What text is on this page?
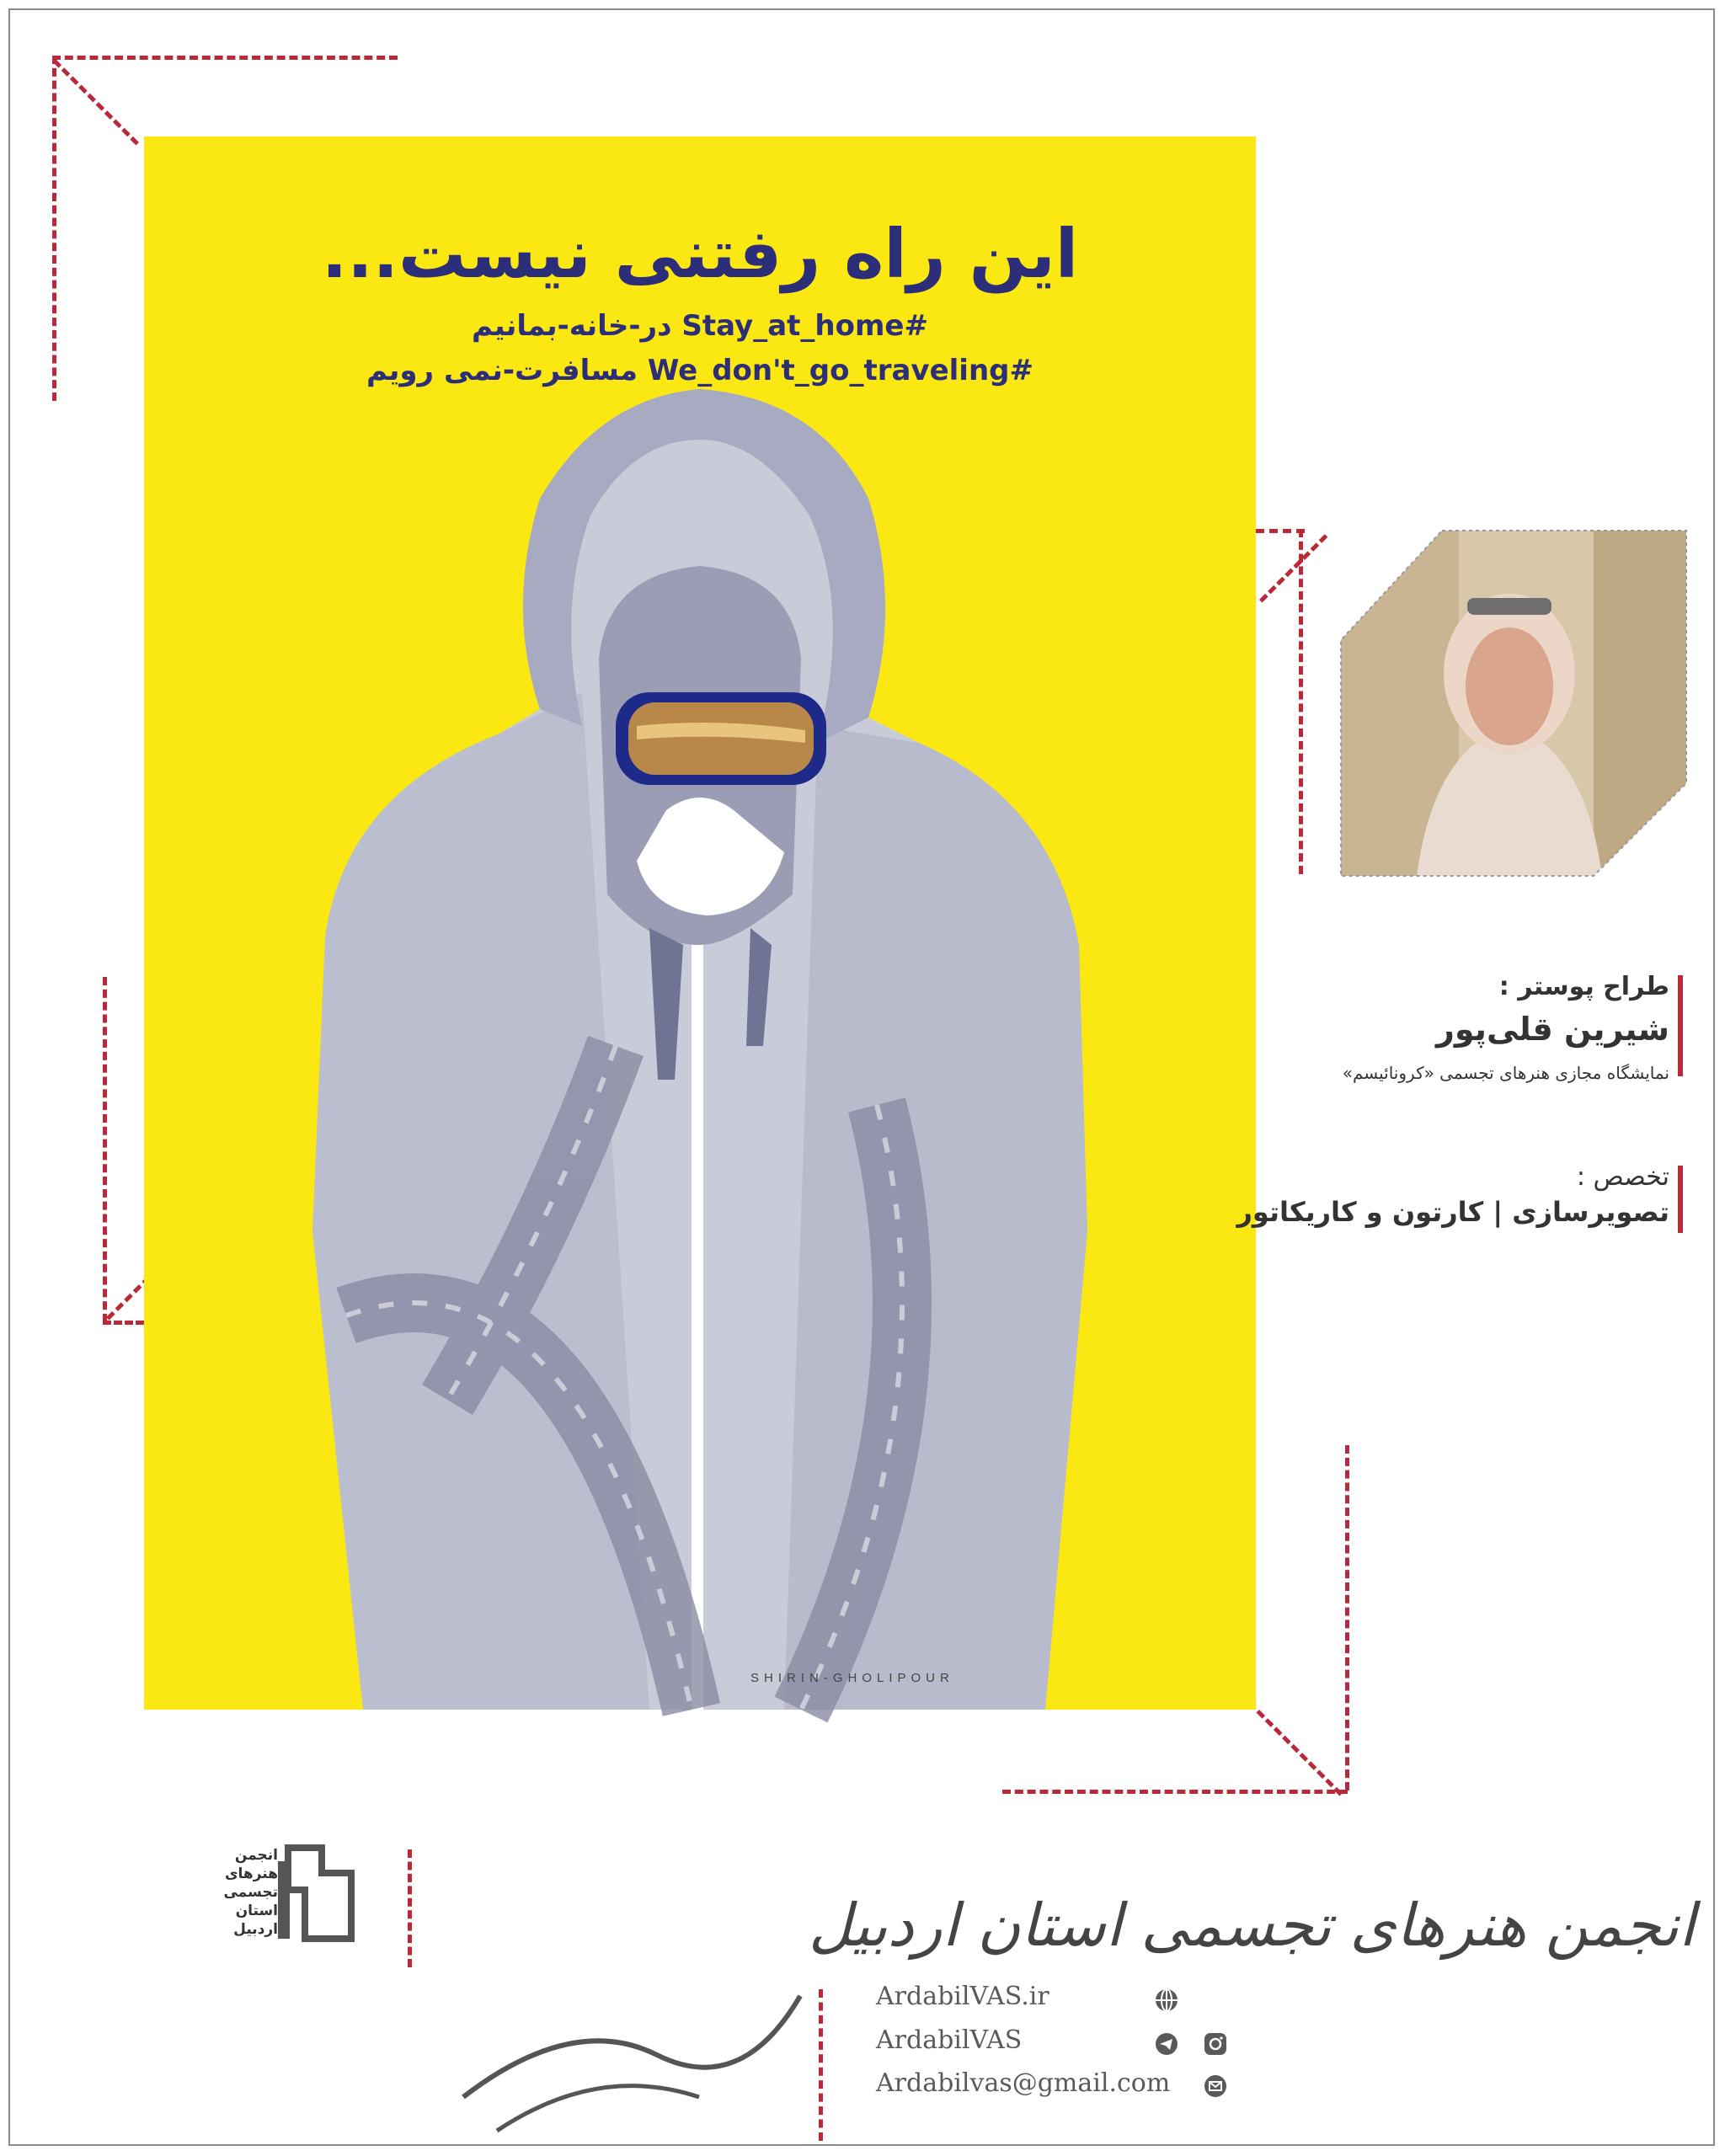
این راه رفتنی نیست...
#Stay_at_home در-خانه-بمانیم
#We_don't_go_traveling مسافرت-نمی رویم
SHIRIN-GHOLIPOUR
طراح پوستر :
شیرین قلی‌پور
نمایشگاه مجازی هنرهای تجسمی «کرونائیسم»
تخصص :
تصویرسازی | کارتون و کاریکاتور
انجمن
هنرهای
تجسمی
استان اردبیل	انجمن هنرهای تجسمی استان اردبیل
ArdabilVAS.ir
ArdabilVAS
Ardabilvas@gmail.com
